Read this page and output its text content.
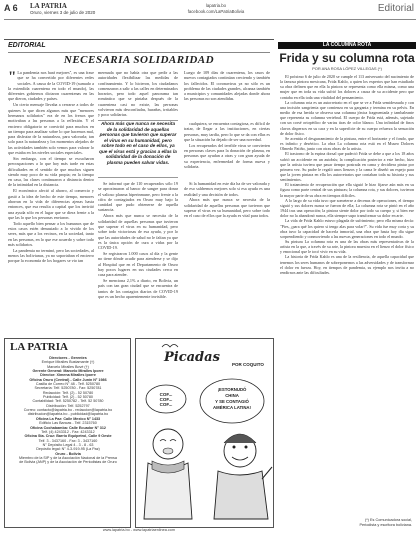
A 6 LA PATRIA
Oruro, viernes 3 de julio de 2020
lapatria.bo
facebook.com/LaPatriaBolivia	Editorial
EDITORIAL
NECESARIA SOLIDARIDAD

" La pandemia nos hará mejores", es una frase que se ha convertido por diferentes redes sociales. A causa de la COVID-19 (sumado a la extendida cuarentena en todo el mundo), las diferentes gobiernos dictaron cuarentenas en las que dieron, ciudades y países.

Un cierto mensaje llevaba a cerrarse a todos de quienes lo que dicen algunos más que "menores hermanos solidarios" era de en los frenos que motivaban a las personas a la reflexión. Y el encierro obligatorio se convirtió para muchos en un tiempo para analizar sobre lo que hacemos mal, para disfrutar de la naturaleza, para valorarla; tan solo para la naturaleza y los momentos alejados de las actividades también solo vemos para valorar lo que estaba en los niveles sociales especiales.

Sin embargo, con el tiempo se escucharon preocupaciones a lo que hoy más tarde en estas dificultades en el sentido de que muchos siguen siendo muy poco de su vida propia; en la tiempo en casa, las clases continuaron a distancia dentro de la intimidad en la distancia.

El económico afectó al ahorro, al comercio y gastó a la idea de hecho de este tiempo, menores ahorran en la vida de diferencias ajenas hasta entonces, que esa resulta a capital que los invirtió una ayuda sólo en el lugar que se diera frente a la que las lo que los personas enviaron.

Todo aquello bien pensar a los humanos que de estos casos estén demasiado a lo vivido de los seres, más que a los vecinos, en la sociedad, tanto en las personas, en lo que ese acuerdo y sobre todo más solidarios.

La pandemia no terminó, pero las sociedades, al menos las bolivianas, ya no soportaban el encierro porque la economía de los hogares se vio tan

mermada que no había otra que pedir a las autoridades flexibilizar las medidas de confinamiento. Y lo hicieron, los ciudadanos comenzaron a salir a las calles en determinados horarios, pero todo aquel panorama tan romántico que se pintaba después de la cuarentena casi no existe, las personas volvieron más desconfiadas, hurañas, irritables y poco solidarias.

Luego de 109 días de cuarentena, los casos de nuevos contagiados continúan creciendo y también los fallecidos. El coronavirus ya no sólo es un problema de las ciudades grandes, alcanza también a municipios y comunidades alejadas donde ahora las personas no son atendidas.

Ahora más que nunca se necesita de la solidaridad de aquellas personas que tuvieron que superar el virus en su humanidad, pero sobre todo en el caso de ellos, ya que el virus está y gracias a ellas la solidaridad de la donación de plasma pueden salvar vidas.

cualquiera, se encuentra contagiosa, es difícil de tratar, de llegar a las instituciones, en ciertas personas, muy tardía, pero lo que se da con ellas es que la situación ha dejado de ser una novedad.

Los recuperados del terrible virus se convierten en personas claves para la donación de plasma, en personas que ayudan a otras y con gran ayuda de su experiencia, enfermedad de forma nueva y solidaria.

Se informó que de 110 recuperados sólo 19 se aproximaron al banco de sangre para donar el valioso plasma hiperinmune, pero frente a la cifra de contagiados en Oruro muy bajo la cantidad que pudo obtenerse de aquella sustancia.

Ahora más que nunca se necesita de la solidaridad de aquellas personas que tuvieron que superar el virus en su humanidad, pero sobre todo victoriosas de esa ayuda, y por lo que las autoridades de salud no le faltan ya que es la única opción de cura a vidas por la COVID-19.

Se registraron 1.000 casos al día y la gente no tiene dónde acudir para atenderse y se dijo al Hospital que en el Departamento de Oruro hay pocos lugares en sus ciudades cerca en casa para atender.

Se menciona 2,1% a diario, en Bolivia, un país con tan gran ciudad que se encuentra de tantos de los contagios diarios de COVID-19 que es un hecho aparentemente invisible.

Si la humanidad en este día ha de ser valorada y de eso saldremos mejores solo si esa ayuda es una realidad y una decisión de todos.

Ahora más que nunca se necesita de la solidaridad de aquellas personas que tuvieron que superar el virus en su humanidad, pero sobre todo en el caso de ellos que la ayuda es vital para todos.

LA COLUMNA ROTA
Frida y su columna rota
POR ANA ROSA LÓPEZ VILLEGAS (*)

El próximo 6 de julio de 2020 se cumple el 113 aniversario del nacimiento de la famosa pintora mexicana, Frida Kahlo, a quien los expertos que han estudiado su obra definen que en ella la pintora se representa como ella misma, como una mujer que en toda su vida sufrió los dolores a causa de su accidente pero que contaba en ella toda una vitalidad del pensamiento.

La columna rota es un autorretrato en el que se ve a Frida semidesnuda y con una incisión sangrienta que comienza en su garganta y termina en su pelvis. En medio de esa herida se observa una columna jónica fragmentada y tambaleante que representa su columna vertebral. El cuerpo de Frida está, además, sujetado con un corsé ortopédico de varias tiras de color blanco. Una infinidad de finos clavos dispersos en su cara y en la superficie de su cuerpo refuerza la sensación de dolor físico.

Se acentúa el desgarramiento de la pintura, entre el horizonte y el fondo, que es infinito y desértico. La obra La columna rota está en el Museo Dolores Olmedo Patiño, junto con otras obras de la artista.

El trastorno de la espina dorsal que padeció Frida se debe a que a los 18 años sufrió un accidente en un autobús; la complicación posterior a este hecho, hizo que la artista tuviera que pasar tiempo postrada en cama y decidiera pintar por primera vez. Su padre le regaló unos lienzos y la cama le diseñó un espejo para que la joven pintara en ella los autorretratos que contaban toda su historia y sus sentimientos.

El tratamiento de recuperación que ella siguió le hizo fijarse aún más en su figura como parte central de sus pinturas; la columna rota, y sus dolores, tuvieron la mayor parte de su obra en tiempos difíciles.

A lo largo de su vida tuvo que someterse a decenas de operaciones, el tiempo siguió y sus dolores nunca se fueron de ella; La columna rota se pintó en el año 1944 tras una operación; la pintora siente dolor por todo su cuerpo y, si bien ese dolor no la abandonó nunca, ella siempre supo transformar su dolor en arte.

La vida de Frida Kahlo estuvo plagada de sufrimiento; pero ella misma decía: "Pies, ¿para qué los quiero si tengo alas para volar?". Su vida fue muy corta y su obra tuvo la capacidad de hacerla inmortal, una obra que hasta hoy día sigue sorprendiendo y conmoviendo a las nuevas generaciones en todo el mundo.

Su pintura La columna rota es una de las obras más representativas de la artista en la que, a través de su arte, la pintora muestra en el lienzo el dolor físico y emocional que le tocó vivir en su vida.

La historia de Frida Kahlo es una de la resiliencia, de aquella capacidad que tenemos los seres humanos de sobreponernos a las adversidades y de transformar el dolor en fuerza. Hoy, en tiempos de pandemia, su ejemplo nos invita a no rendirnos ante las dificultades.

(*) Es Comunicadora social,
Periodista y escritora boliviana.
LA PATRIA
Directores - Gerentes
Enrique Miralles Bustamante (†)
Marcelo Miralles Bové (†)
Gerente General: Marcelo Miralles Iporre
Director: Ximena Miralles Iporre
Oficina Oruro (Central) - Calle Junín N° 1986
Casilla de Correo N° 48 - Telf. 5250780
Secretaría: Telf. 5250780 - Fax: 5250781
Redacción: Telf. (2) - 52 50780
Publicidad: Telf. (2) - 52 50780
Contabilidad: Telf. 5250782 - Telf. 52 50780
Distribución: Telf. 5252797
Correo: contacto@lapatria.bo - redaccion@lapatria.bo
distribucion@lapatria.bo - publicidad@lapatria.bo
Oficina La Paz: Calle Mexico N° 1433
Edificio Las Bancas - Telf. 2315760
Oficina Cochabamba: Calle Ecuador N° 312
Telf. (4) 4243312 - Fax: 4243312
Oficina Sta. Cruz: Barrio Equipetrol, Calle 9 Oeste
Telf. 3 - 3437160 - Fax: 3 - 3437160
N° Depósito Legal 4 - 3 - 8 - 63
Depósito legal: N° 4-3-919-95 (La Paz)
Oruro - Bolivia
Miembro de la SIP y de la Asociación Nacional de la Prensa
de Bolivia (ANP) y de la Asociación de Periodistas de Oruro
Picadas	POR COQUITO
COF...
COF...
COF...
¡ESTORNUDÓ
CHINA
Y SE CONTAGIÓ
AMÉRICA LATINA!
www.lapatria.bo - www.lapatriaenlinea.com
